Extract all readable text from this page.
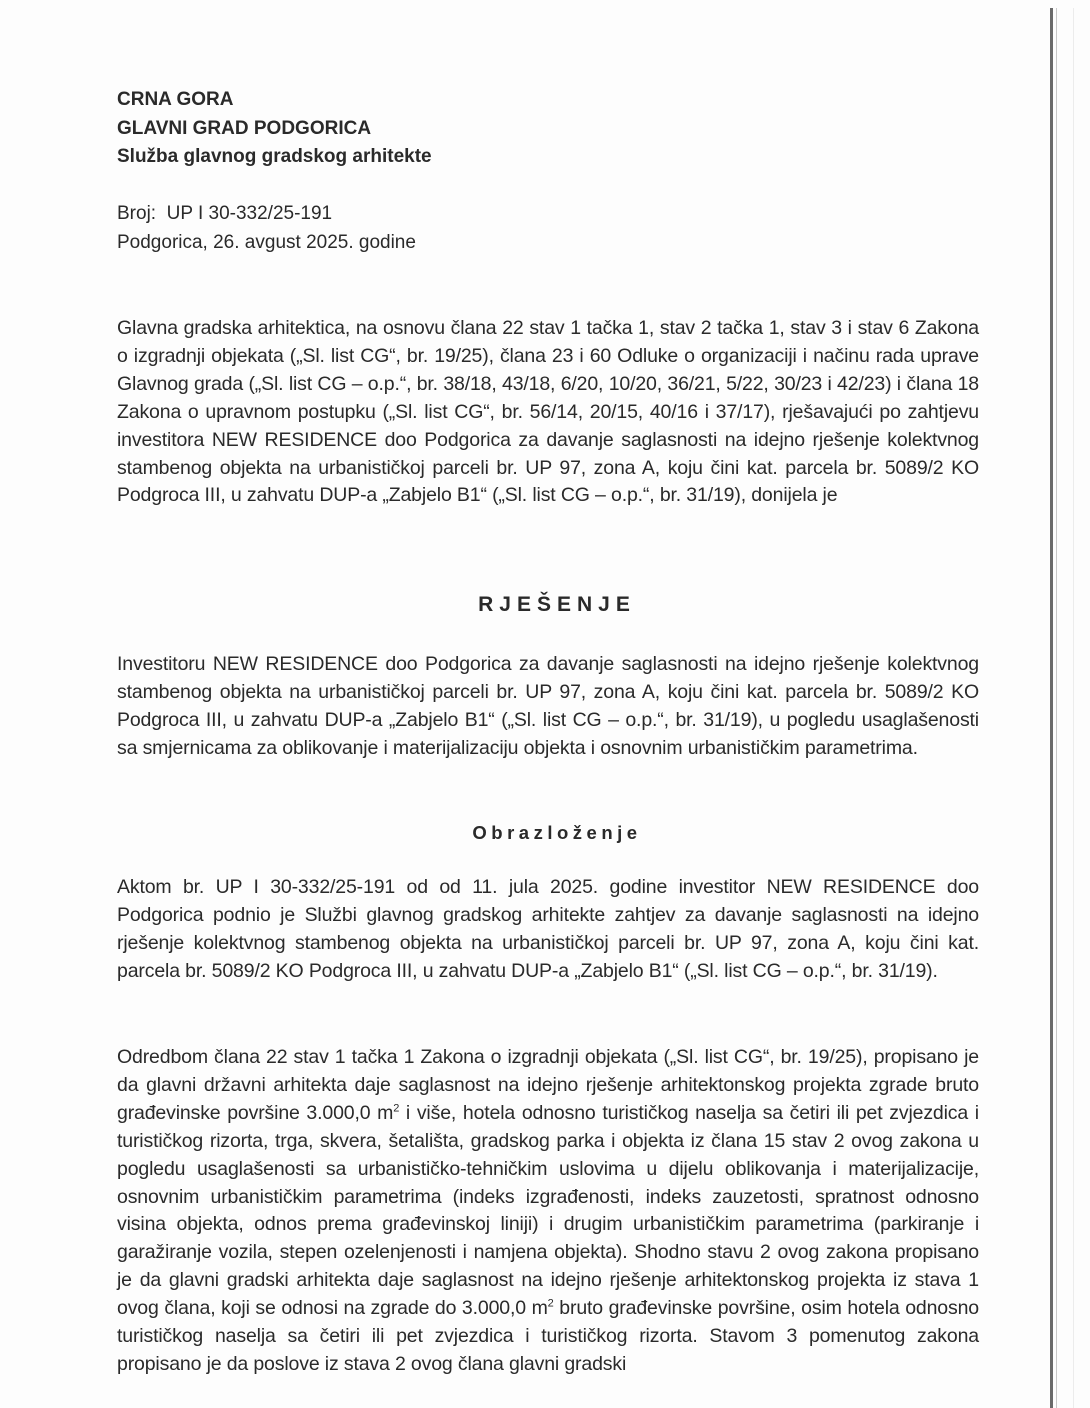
CRNA GORA
GLAVNI GRAD PODGORICA
Služba glavnog gradskog arhitekte
Broj:  UP I 30-332/25-191
Podgorica, 26. avgust 2025. godine
Glavna gradska arhitektica, na osnovu člana 22 stav 1 tačka 1, stav 2 tačka 1, stav 3 i stav 6 Zakona o izgradnji objekata („Sl. list CG“, br. 19/25), člana 23 i 60 Odluke o organizaciji i načinu rada uprave Glavnog grada („Sl. list CG – o.p.“, br. 38/18, 43/18, 6/20, 10/20, 36/21, 5/22, 30/23 i 42/23) i člana 18 Zakona o upravnom postupku („Sl. list CG“, br. 56/14, 20/15, 40/16 i 37/17), rješavajući po zahtjevu investitora NEW RESIDENCE doo Podgorica za davanje saglasnosti na idejno rješenje kolektvnog stambenog objekta na urbanističkoj parceli br. UP 97, zona A, koju čini kat. parcela br. 5089/2 KO Podgroca III, u zahvatu DUP-a „Zabjelo B1“ („Sl. list CG – o.p.“, br. 31/19), donijela je
RJEŠENJE
Investitoru NEW RESIDENCE doo Podgorica za davanje saglasnosti na idejno rješenje kolektvnog stambenog objekta na urbanističkoj parceli br. UP 97, zona A, koju čini kat. parcela br. 5089/2 KO Podgroca III, u zahvatu DUP-a „Zabjelo B1“ („Sl. list CG – o.p.“, br. 31/19), u pogledu usaglašenosti sa smjernicama za oblikovanje i materijalizaciju objekta i osnovnim urbanističkim parametrima.
Obrazloženje
Aktom br. UP I 30-332/25-191 od od 11. jula 2025. godine investitor NEW RESIDENCE doo Podgorica podnio je Službi glavnog gradskog arhitekte zahtjev za davanje saglasnosti na idejno rješenje kolektvnog stambenog objekta na urbanističkoj parceli br. UP 97, zona A, koju čini kat. parcela br. 5089/2 KO Podgroca III, u zahvatu DUP-a „Zabjelo B1“ („Sl. list CG – o.p.“, br. 31/19).
Odredbom člana 22 stav 1 tačka 1 Zakona o izgradnji objekata („Sl. list CG“, br. 19/25), propisano je da glavni državni arhitekta daje saglasnost na idejno rješenje arhitektonskog projekta zgrade bruto građevinske površine 3.000,0 $m^2$ i više, hotela odnosno turističkog naselja sa četiri ili pet zvjezdica i turističkog rizorta, trga, skvera, šetališta, gradskog parka i objekta iz člana 15 stav 2 ovog zakona u pogledu usaglašenosti sa urbanističko-tehničkim uslovima u dijelu oblikovanja i materijalizacije, osnovnim urbanističkim parametrima (indeks izgrađenosti, indeks zauzetosti, spratnost odnosno visina objekta, odnos prema građevinskoj liniji) i drugim urbanističkim parametrima (parkiranje i garažiranje vozila, stepen ozelenjenosti i namjena objekta). Shodno stavu 2 ovog zakona propisano je da glavni gradski arhitekta daje saglasnost na idejno rješenje arhitektonskog projekta iz stava 1 ovog člana, koji se odnosi na zgrade do 3.000,0 $m^2$ bruto građevinske površine, osim hotela odnosno turističkog naselja sa četiri ili pet zvjezdica i turističkog rizorta. Stavom 3 pomenutog zakona propisano je da poslove iz stava 2 ovog člana glavni gradski
